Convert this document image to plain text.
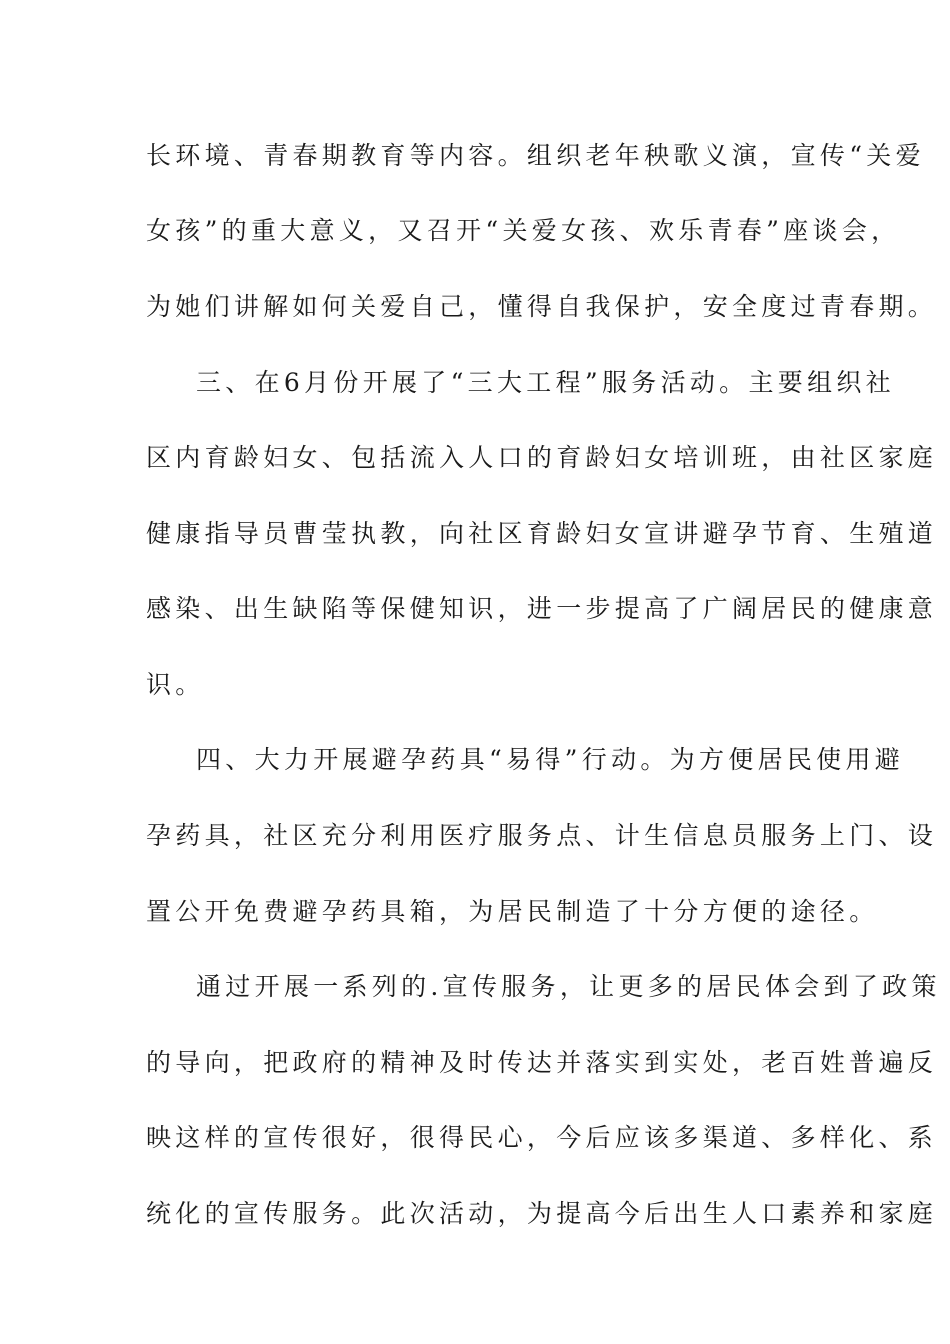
长环境、青春期教育等内容。组织老年秧歌义演，宣传“关爱
女孩”的重大意义，又召开“关爱女孩、欢乐青春”座谈会，
为她们讲解如何关爱自己，懂得自我保护，安全度过青春期。
三、在6月份开展了“三大工程”服务活动。主要组织社
区内育龄妇女、包括流入人口的育龄妇女培训班，由社区家庭
健康指导员曹莹执教，向社区育龄妇女宣讲避孕节育、生殖道
感染、出生缺陷等保健知识，进一步提高了广阔居民的健康意
识。
四、大力开展避孕药具“易得”行动。为方便居民使用避
孕药具，社区充分利用医疗服务点、计生信息员服务上门、设
置公开免费避孕药具箱，为居民制造了十分方便的途径。
通过开展一系列的.宣传服务，让更多的居民体会到了政策
的导向，把政府的精神及时传达并落实到实处，老百姓普遍反
映这样的宣传很好，很得民心，今后应该多渠道、多样化、系
统化的宣传服务。此次活动，为提高今后出生人口素养和家庭
